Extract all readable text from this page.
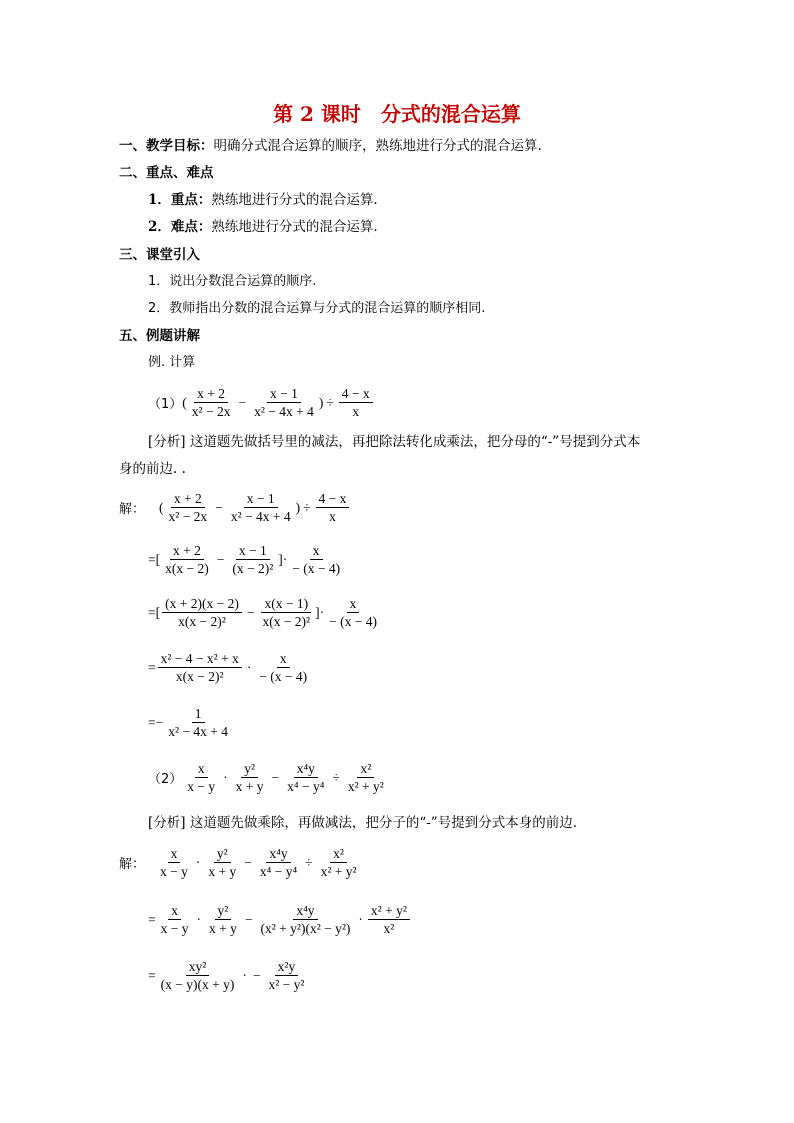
第 2 课时　分式的混合运算
一、教学目标：明确分式混合运算的顺序，熟练地进行分式的混合运算.
二、重点、难点
1．重点：熟练地进行分式的混合运算.
2．难点：熟练地进行分式的混合运算.
三、课堂引入
1．说出分数混合运算的顺序.
2．教师指出分数的混合运算与分式的混合运算的顺序相同.
五、例题讲解
例. 计算
（1） ( $\frac{x + 2}{\text{x² − 2x}} - \frac{x - 1}{\text{x² − 4x + 4}}$ ) ÷ $\frac{4 - x}{x}$
[分析] 这道题先做括号里的减法，再把除法转化成乘法，把分母的“-”号提到分式本
身的前边. .
解： ( $\frac{x + 2}{\text{x² − 2x}} - \frac{x - 1}{\text{x² − 4x + 4}}$ ) ÷ $\frac{4 - x}{x}$
=[ $\frac{x + 2}{x(x - 2)} - \frac{x - 1}{\text{(x − 2)²}}$ ]· $\frac{x}{- (x - 4)}$
=[ $\frac{(x + 2)(x - 2)}{\text{x(x − 2)²}} - \frac{x(x - 1)}{\text{x(x − 2)²}}$ ]· $\frac{x}{- (x - 4)}$
= $\frac{\text{x² − 4 − x² + x}}{\text{x(x − 2)²}} \cdot \frac{x}{- (x - 4)}$
=− $\frac{1}{\text{x² − 4x + 4}}$
$(2) \frac{x}{x - y} \cdot \frac{\text{y²}}{x + y} - \frac{\text{x⁴y}}{\text{x⁴ − y⁴}} \div \frac{\text{x²}}{\text{x² + y²}}$
[分析] 这道题先做乘除，再做减法，把分子的“-”号提到分式本身的前边.
解： $\frac{x}{x - y} \cdot \frac{\text{y²}}{x + y} - \frac{\text{x⁴y}}{\text{x⁴ − y⁴}} \div \frac{\text{x²}}{\text{x² + y²}}$
= $\frac{x}{x - y} \cdot \frac{\text{y²}}{x + y} - \frac{\text{x⁴y}}{\text{(x² + y²)(x² − y²)}} \cdot \frac{\text{x² + y²}}{\text{x²}}$
= $\frac{\text{xy²}}{(x - y)(x + y)}$ · − $\frac{\text{x²y}}{\text{x² − y²}}$
